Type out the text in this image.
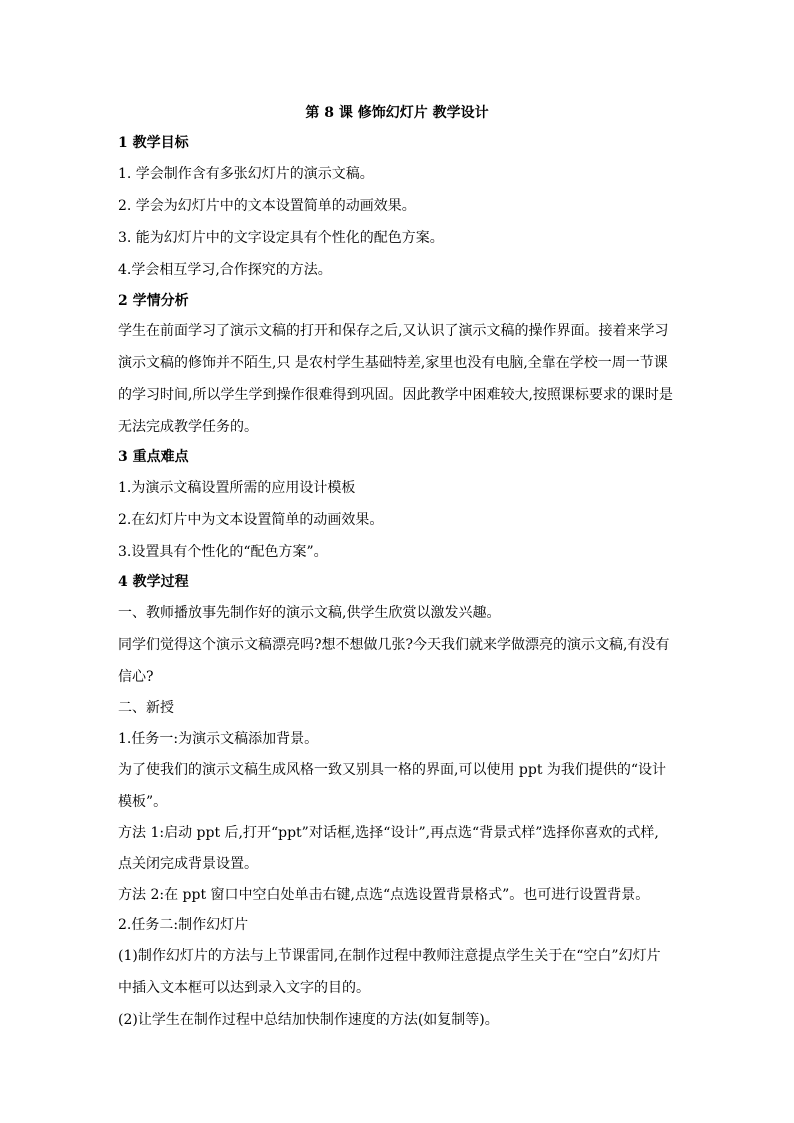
第 8 课 修饰幻灯片 教学设计
1 教学目标
1. 学会制作含有多张幻灯片的演示文稿。
2. 学会为幻灯片中的文本设置简单的动画效果。
3. 能为幻灯片中的文字设定具有个性化的配色方案。
4.学会相互学习,合作探究的方法。
2 学情分析
学生在前面学习了演示文稿的打开和保存之后,又认识了演示文稿的操作界面。接着来学习
演示文稿的修饰并不陌生,只 是农村学生基础特差,家里也没有电脑,全靠在学校一周一节课
的学习时间,所以学生学到操作很难得到巩固。因此教学中困难较大,按照课标要求的课时是
无法完成教学任务的。
3 重点难点
1.为演示文稿设置所需的应用设计模板
2.在幻灯片中为文本设置简单的动画效果。
3.设置具有个性化的“配色方案”。
4 教学过程
一、教师播放事先制作好的演示文稿,供学生欣赏以激发兴趣。
同学们觉得这个演示文稿漂亮吗?想不想做几张?今天我们就来学做漂亮的演示文稿,有没有
信心?
二、新授
1.任务一:为演示文稿添加背景。
为了使我们的演示文稿生成风格一致又别具一格的界面,可以使用 ppt 为我们提供的“设计
模板”。
方法 1:启动 ppt 后,打开“ppt”对话框,选择“设计”,再点选“背景式样”选择你喜欢的式样,
点关闭完成背景设置。
方法 2:在 ppt 窗口中空白处单击右键,点选“点选设置背景格式”。也可进行设置背景。
2.任务二:制作幻灯片
(1)制作幻灯片的方法与上节课雷同,在制作过程中教师注意提点学生关于在“空白”幻灯片
中插入文本框可以达到录入文字的目的。
(2)让学生在制作过程中总结加快制作速度的方法(如复制等)。
